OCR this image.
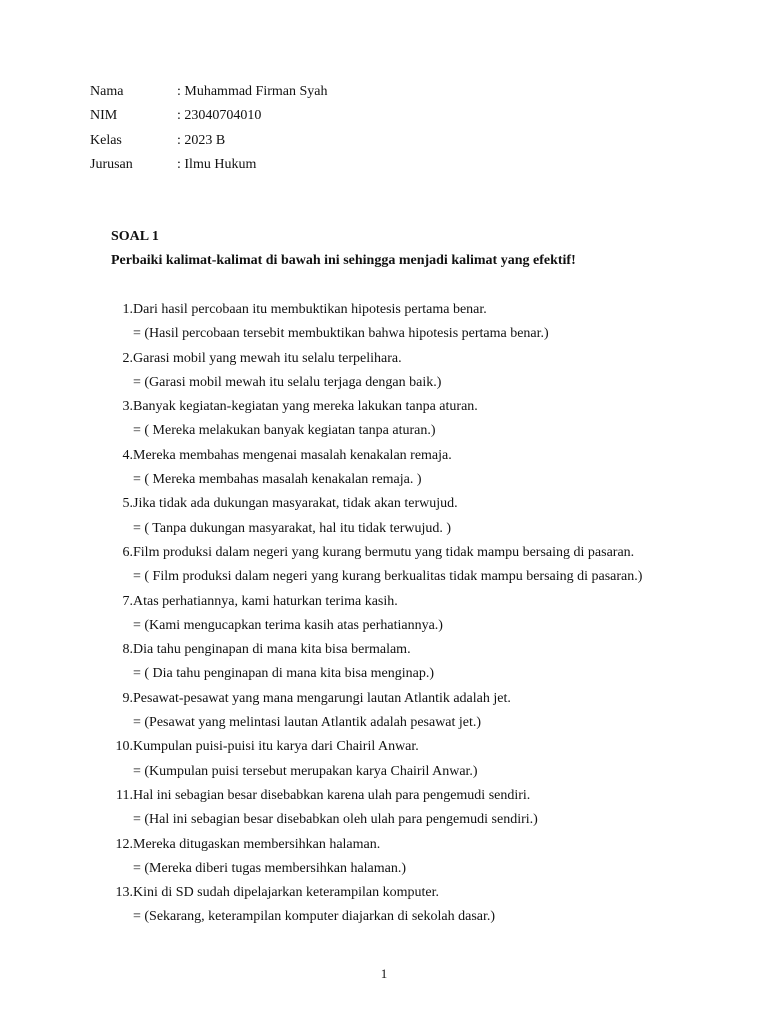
Nama	: Muhammad Firman Syah
NIM	: 23040704010
Kelas	: 2023 B
Jurusan	: Ilmu Hukum
SOAL 1
Perbaiki kalimat-kalimat di bawah ini sehingga menjadi kalimat yang efektif!
1. Dari hasil percobaan itu membuktikan hipotesis pertama benar.
= (Hasil percobaan tersebit membuktikan bahwa hipotesis pertama benar.)
2. Garasi mobil yang mewah itu selalu terpelihara.
= (Garasi mobil mewah itu selalu terjaga dengan baik.)
3. Banyak kegiatan-kegiatan yang mereka lakukan tanpa aturan.
= ( Mereka melakukan banyak kegiatan tanpa aturan.)
4. Mereka membahas mengenai masalah kenakalan remaja.
= ( Mereka membahas masalah kenakalan remaja. )
5. Jika tidak ada dukungan masyarakat, tidak akan terwujud.
= ( Tanpa dukungan masyarakat, hal itu tidak terwujud. )
6. Film produksi dalam negeri yang kurang bermutu yang tidak mampu bersaing di pasaran.
= ( Film produksi dalam negeri yang kurang berkualitas tidak mampu bersaing di pasaran.)
7. Atas perhatiannya, kami haturkan terima kasih.
= (Kami mengucapkan terima kasih atas perhatiannya.)
8. Dia tahu penginapan di mana kita bisa bermalam.
= ( Dia tahu penginapan di mana kita bisa menginap.)
9. Pesawat-pesawat yang mana mengarungi lautan Atlantik adalah jet.
= (Pesawat yang melintasi lautan Atlantik adalah pesawat jet.)
10. Kumpulan puisi-puisi itu karya dari Chairil Anwar.
= (Kumpulan puisi tersebut merupakan karya Chairil Anwar.)
11. Hal ini sebagian besar disebabkan karena ulah para pengemudi sendiri.
= (Hal ini sebagian besar disebabkan oleh ulah para pengemudi sendiri.)
12. Mereka ditugaskan membersihkan halaman.
= (Mereka diberi tugas membersihkan halaman.)
13. Kini di SD sudah dipelajarkan keterampilan komputer.
= (Sekarang, keterampilan komputer diajarkan di sekolah dasar.)
1
